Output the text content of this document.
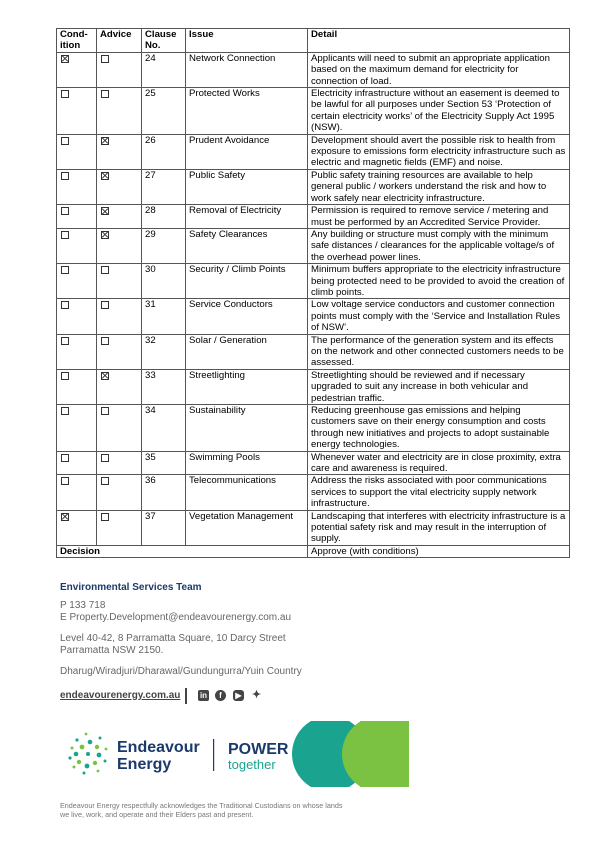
Cond-ition	Advice	Clause No.	Issue	Detail
		24	Network Connection	Applicants will need to submit an appropriate application based on the maximum demand for electricity for connection of load.
		25	Protected Works	Electricity infrastructure without an easement is deemed to be lawful for all purposes under Section 53 ‘Protection of certain electricity works’ of the Electricity Supply Act 1995 (NSW).
		26	Prudent Avoidance	Development should avert the possible risk to health from exposure to emissions form electricity infrastructure such as electric and magnetic fields (EMF) and noise.
		27	Public Safety	Public safety training resources are available to help general public / workers understand the risk and how to work safely near electricity infrastructure.
		28	Removal of Electricity	Permission is required to remove service / metering and must be performed by an Accredited Service Provider.
		29	Safety Clearances	Any building or structure must comply with the minimum safe distances / clearances for the applicable voltage/s of the overhead power lines.
		30	Security / Climb Points	Minimum buffers appropriate to the electricity infrastructure being protected need to be provided to avoid the creation of climb points.
		31	Service Conductors	Low voltage service conductors and customer connection points must comply with the ‘Service and Installation Rules of NSW’.
		32	Solar / Generation	The performance of the generation system and its effects on the network and other connected customers needs to be assessed.
		33	Streetlighting	Streetlighting should be reviewed and if necessary upgraded to suit any increase in both vehicular and pedestrian traffic.
		34	Sustainability	Reducing greenhouse gas emissions and helping customers save on their energy consumption and costs through new initiatives and projects to adopt sustainable energy technologies.
		35	Swimming Pools	Whenever water and electricity are in close proximity, extra care and awareness is required.
		36	Telecommunications	Address the risks associated with poor communications services to support the vital electricity supply network infrastructure.
		37	Vegetation Management	Landscaping that interferes with electricity infrastructure is a potential safety risk and may result in the interruption of supply.
Decision				Approve (with conditions)

Environmental Services Team

P 133 718

E Property.Development@endeavourenergy.com.au

Level 40-42, 8 Parramatta Square, 10 Darcy Street

Parramatta NSW 2150.

Dharug/Wiradjuri/Dharawal/Gundungurra/Yuin Country

endeavourenergy.com.au in	f	▶ ✦
Endeavour
Energy
POWER
together
Endeavour Energy respectfully acknowledges the Traditional Custodians on whose lands
we live, work, and operate and their Elders past and present.
